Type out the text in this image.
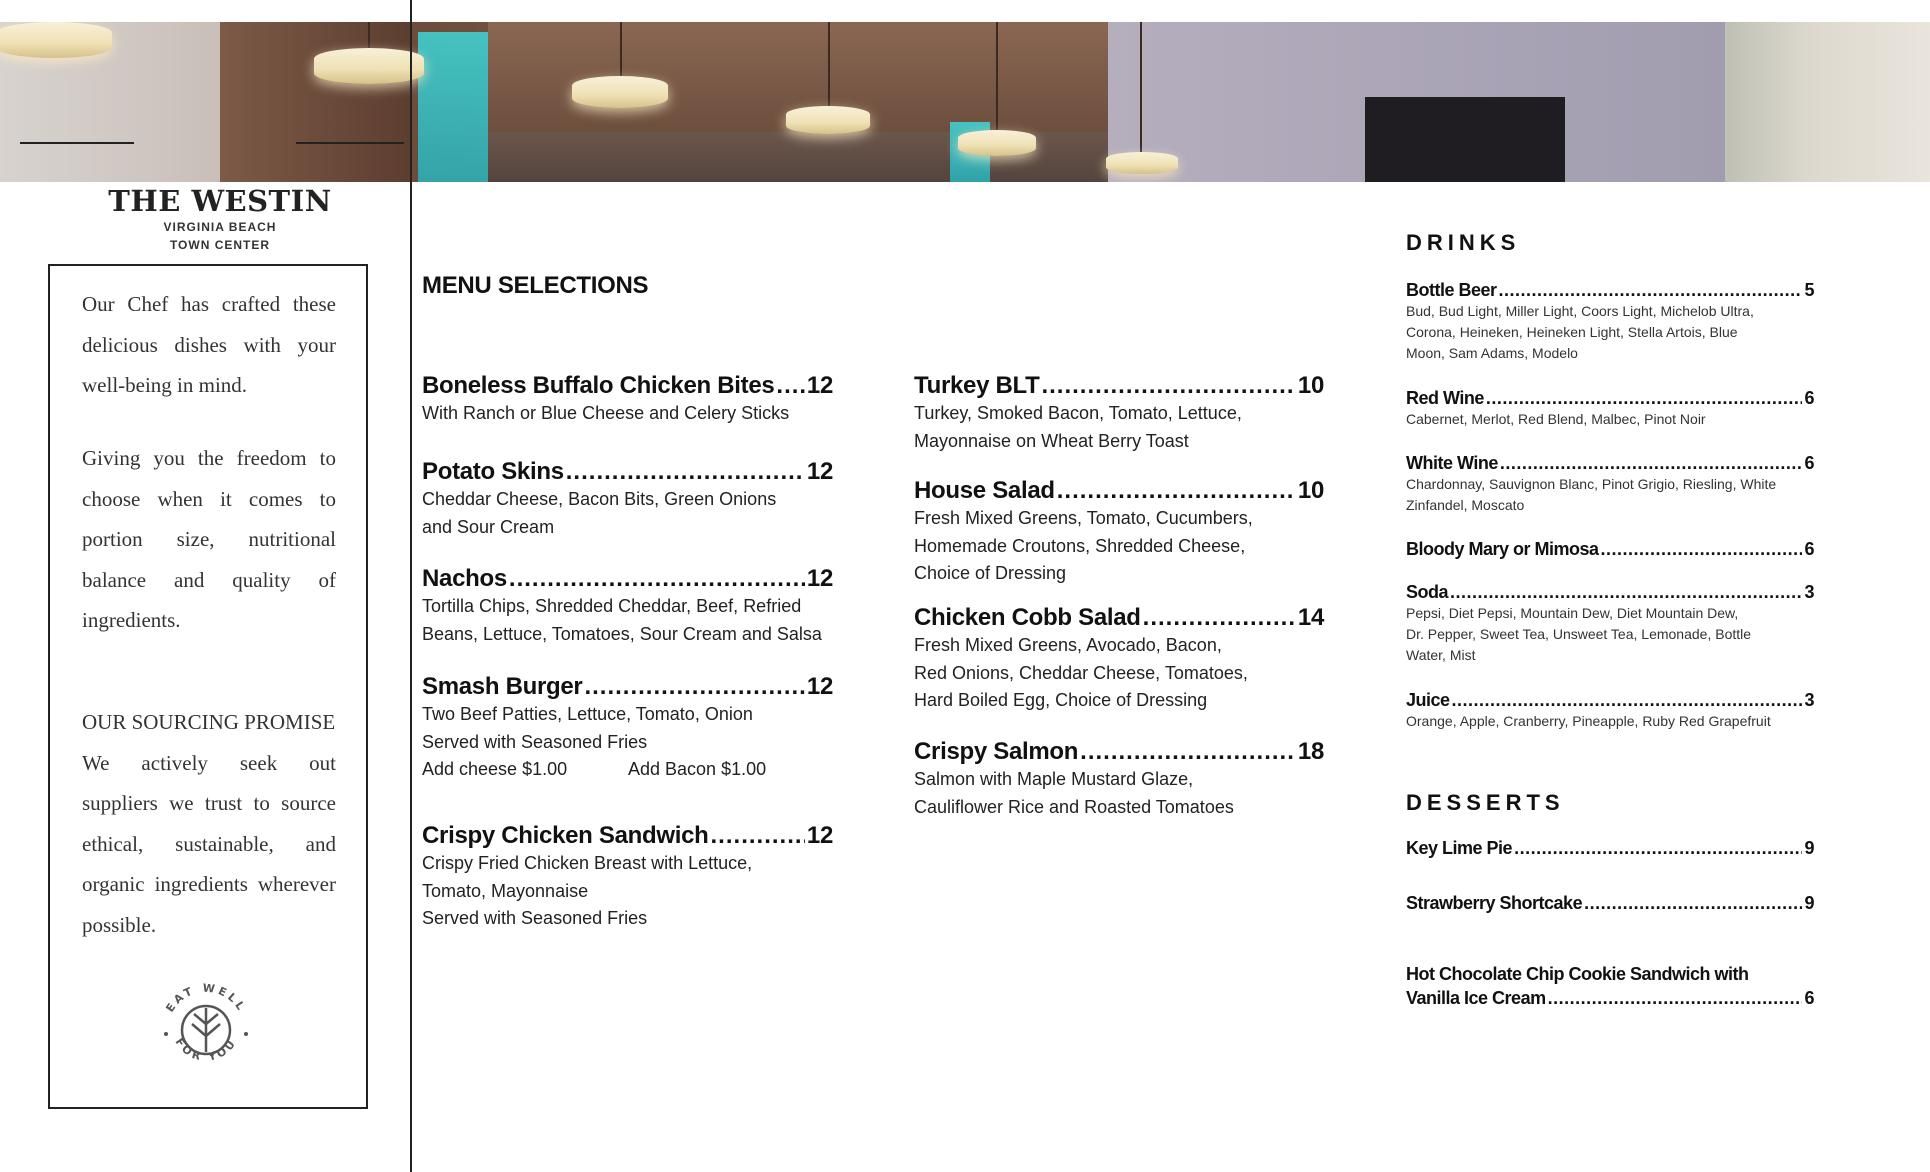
THE WESTIN
VIRGINIA BEACH
TOWN CENTER
Our Chef has crafted these delicious dishes with your well-being in mind.
Giving you the freedom to choose when it comes to portion size, nutritional balance and quality of ingredients.
OUR SOURCING PROMISE
We actively seek out suppliers we trust to source ethical, sustainable, and organic ingredients wherever possible.
EAT WELL
FOR YOU
MENU SELECTIONS
Boneless Buffalo Chicken Bites ..... 12
With Ranch or Blue Cheese and Celery Sticks
Potato Skins .....	12
Cheddar Cheese, Bacon Bits, Green Onions
and Sour Cream
Nachos .....	12
Tortilla Chips, Shredded Cheddar, Beef, Refried
Beans, Lettuce, Tomatoes, Sour Cream and Salsa
Smash Burger .....	12
Two Beef Patties, Lettuce, Tomato, Onion
Served with Seasoned Fries
Add cheese $1.00	Add Bacon $1.00
Crispy Chicken Sandwich .....	12
Crispy Fried Chicken Breast with Lettuce,
Tomato, Mayonnaise
Served with Seasoned Fries
Turkey BLT .....	10
Turkey, Smoked Bacon, Tomato, Lettuce,
Mayonnaise on Wheat Berry Toast
House Salad .....	10
Fresh Mixed Greens, Tomato, Cucumbers,
Homemade Croutons, Shredded Cheese,
Choice of Dressing
Chicken Cobb Salad .....	14
Fresh Mixed Greens, Avocado, Bacon,
Red Onions, Cheddar Cheese, Tomatoes,
Hard Boiled Egg, Choice of Dressing
Crispy Salmon .....	18
Salmon with Maple Mustard Glaze,
Cauliflower Rice and Roasted Tomatoes
DRINKS
Bottle Beer .....	5
Bud, Bud Light, Miller Light, Coors Light, Michelob Ultra,
Corona, Heineken, Heineken Light, Stella Artois, Blue
Moon, Sam Adams, Modelo
Red Wine .....	6
Cabernet, Merlot, Red Blend, Malbec, Pinot Noir
White Wine .....	6
Chardonnay, Sauvignon Blanc, Pinot Grigio, Riesling, White
Zinfandel, Moscato
Bloody Mary or Mimosa .....	6
Soda .....	3
Pepsi, Diet Pepsi, Mountain Dew, Diet Mountain Dew,
Dr. Pepper, Sweet Tea, Unsweet Tea, Lemonade, Bottle
Water, Mist
Juice .....	3
Orange, Apple, Cranberry, Pineapple, Ruby Red Grapefruit
DESSERTS
Key Lime Pie .....	9
Strawberry Shortcake .....	9
Hot Chocolate Chip Cookie Sandwich with
Vanilla Ice Cream .....	6
